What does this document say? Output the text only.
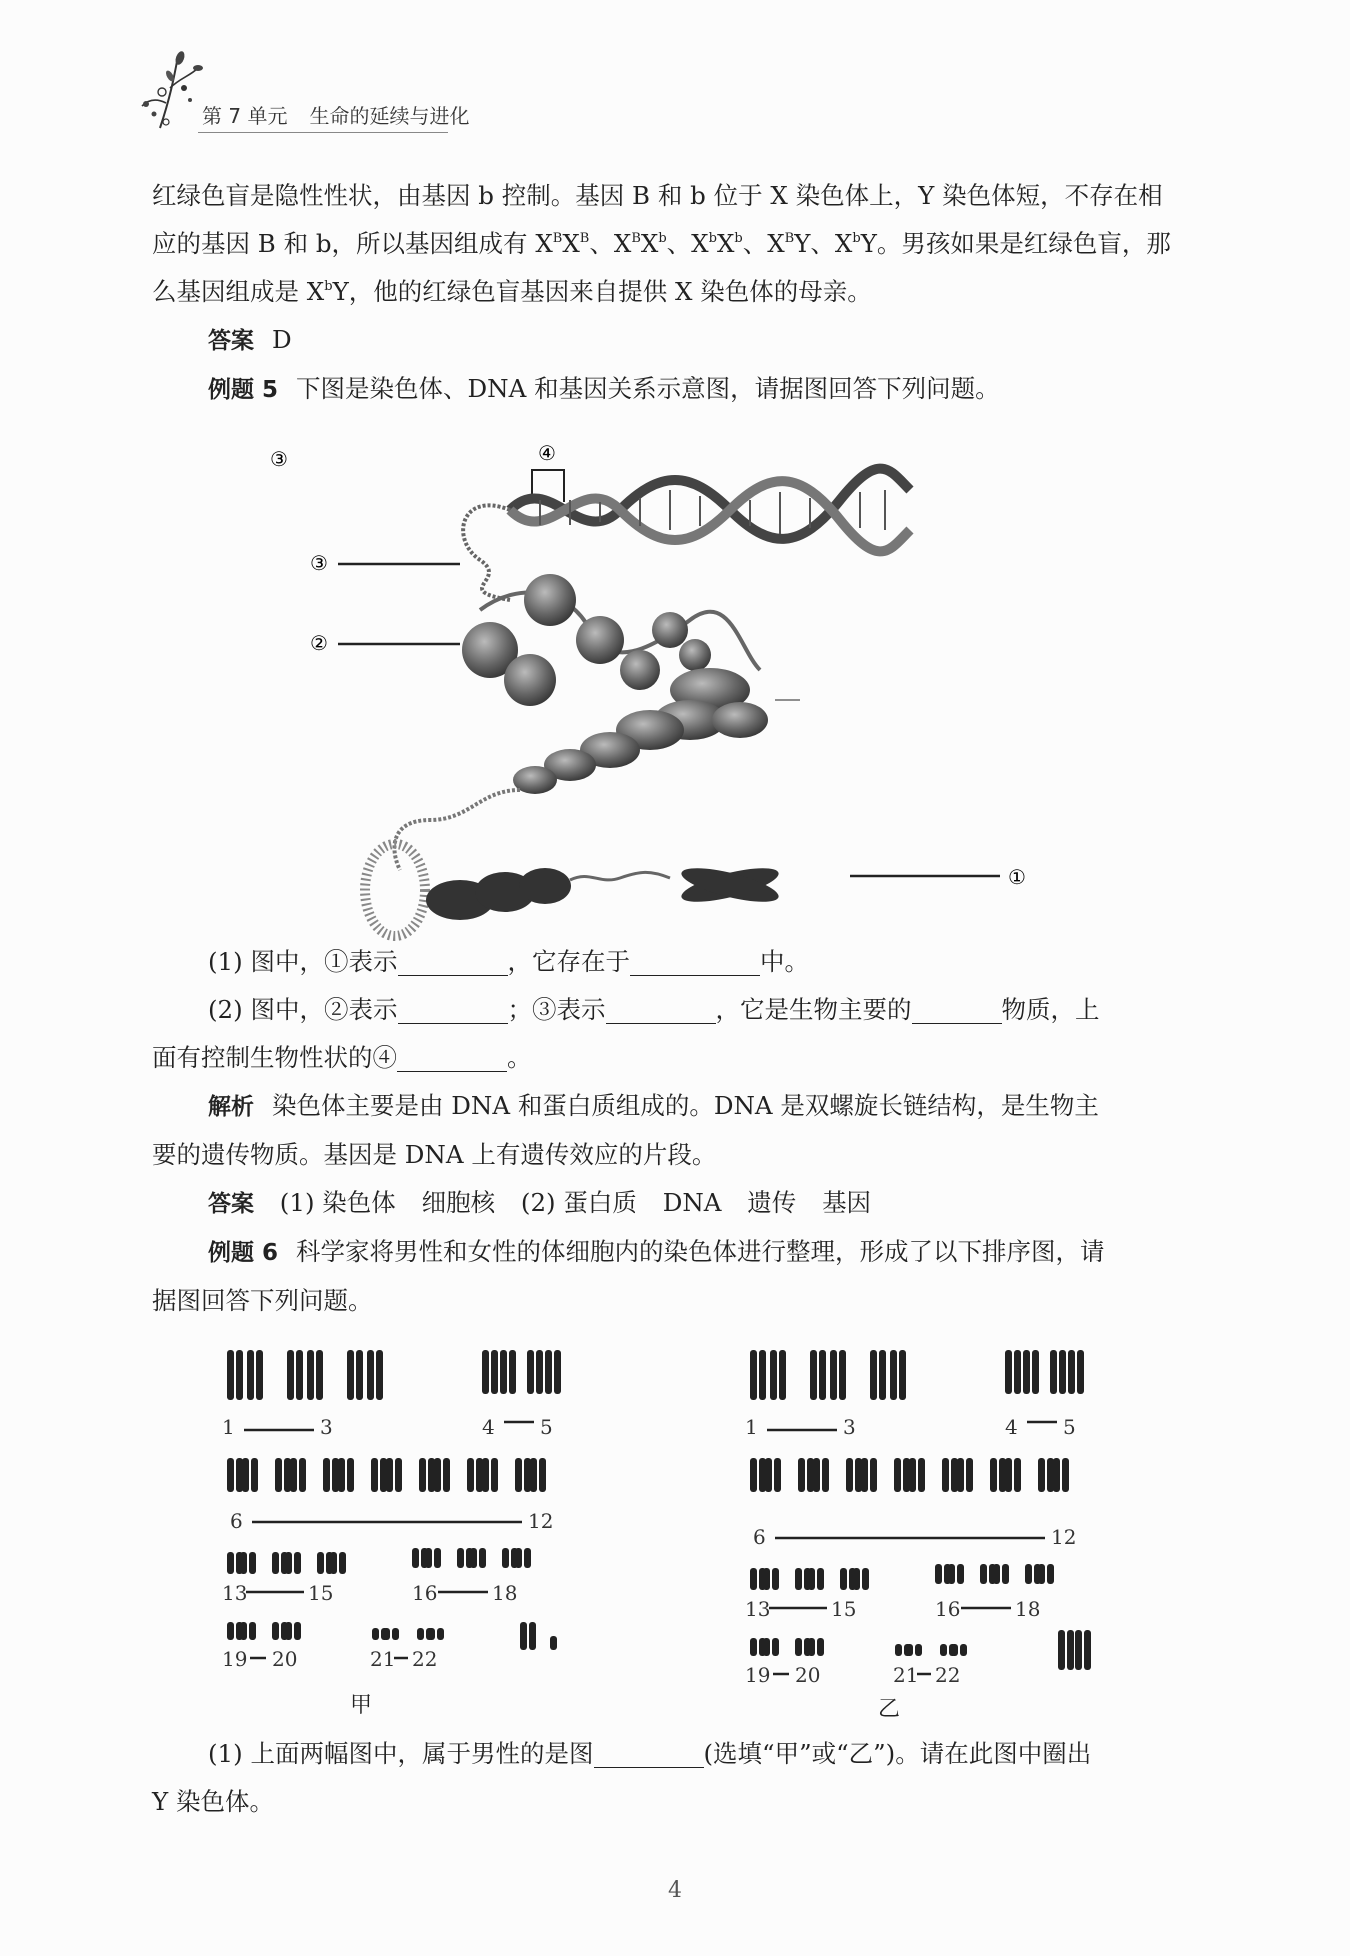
第 7 单元 生命的延续与进化
红绿色盲是隐性性状，由基因 b 控制。基因 B 和 b 位于 X 染色体上，Y 染色体短，不存在相
应的基因 B 和 b，所以基因组成有 $X^BX^B$、$X^BX^b$、$X^bX^b$、$X^BY$、$X^bY$。男孩如果是红绿色盲，那
么基因组成是 $X^bY$，他的红绿色盲基因来自提供 X 染色体的母亲。
答案 D
例题 5 下图是染色体、DNA 和基因关系示意图，请据图回答下列问题。
④
③
③
②
①
(1) 图中，①表示	，它存在于	中。
(2) 图中，②表示	；③表示	，它是生物主要的	物质，上
面有控制生物性状的④	。
解析 染色体主要是由 DNA 和蛋白质组成的。DNA 是双螺旋长链结构，是生物主
要的遗传物质。基因是 DNA 上有遗传效应的片段。
答案 (1) 染色体 细胞核 (2) 蛋白质 DNA 遗传 基因
例题 6 科学家将男性和女性的体细胞内的染色体进行整理，形成了以下排序图，请
据图回答下列问题。
1	3	4 5
6	12
13	15	16	18
19 20	21 22
1	3	4 5
6	12
13	15	16	18
19 20	21 22
甲	乙
(1) 上面两幅图中，属于男性的是图	(选填“甲”或“乙”)。请在此图中圈出
Y 染色体。
4
